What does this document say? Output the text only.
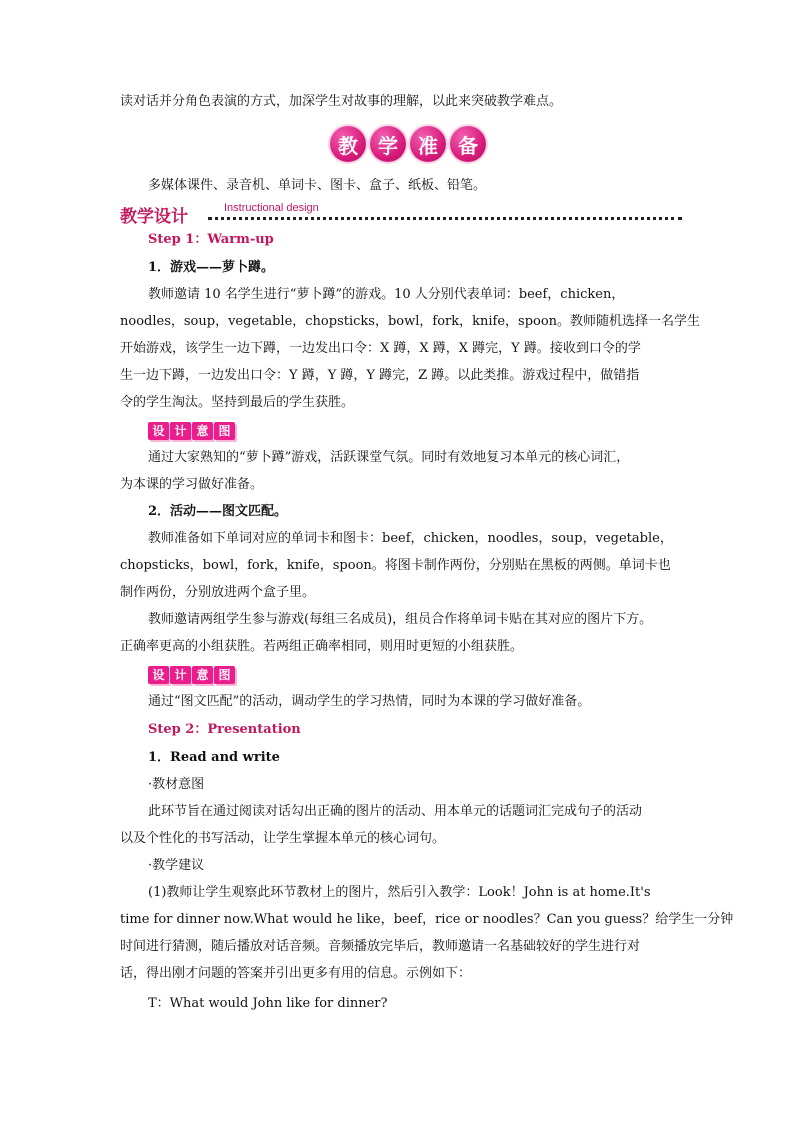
读对话并分角色表演的方式，加深学生对故事的理解，以此来突破教学难点。
教	学	准	备
多媒体课件、录音机、单词卡、图卡、盒子、纸板、铅笔。
教学设计	Instructional design
Step 1：Warm-up
1．游戏——萝卜蹲。
教师邀请 10 名学生进行“萝卜蹲”的游戏。10 人分别代表单词：beef，chicken，
noodles，soup，vegetable，chopsticks，bowl，fork，knife，spoon。教师随机选择一名学生
开始游戏，该学生一边下蹲，一边发出口令：X 蹲，X 蹲，X 蹲完，Y 蹲。接收到口令的学
生一边下蹲，一边发出口令：Y 蹲，Y 蹲，Y 蹲完，Z 蹲。以此类推。游戏过程中，做错指
令的学生淘汰。坚持到最后的学生获胜。
设 计 意 图
通过大家熟知的“萝卜蹲”游戏，活跃课堂气氛。同时有效地复习本单元的核心词汇，
为本课的学习做好准备。
2．活动——图文匹配。
教师准备如下单词对应的单词卡和图卡：beef，chicken，noodles，soup，vegetable，
chopsticks，bowl，fork，knife，spoon。将图卡制作两份，分别贴在黑板的两侧。单词卡也
制作两份，分别放进两个盒子里。
教师邀请两组学生参与游戏(每组三名成员)，组员合作将单词卡贴在其对应的图片下方。
正确率更高的小组获胜。若两组正确率相同，则用时更短的小组获胜。
设 计 意 图
通过“图文匹配”的活动，调动学生的学习热情，同时为本课的学习做好准备。
Step 2：Presentation
1．Read and write
·教材意图
此环节旨在通过阅读对话勾出正确的图片的活动、用本单元的话题词汇完成句子的活动
以及个性化的书写活动，让学生掌握本单元的核心词句。
·教学建议
(1)教师让学生观察此环节教材上的图片，然后引入教学：Look！John is at home.It's
time for dinner now.What would he like，beef，rice or noodles？Can you guess？给学生一分钟
时间进行猜测，随后播放对话音频。音频播放完毕后，教师邀请一名基础较好的学生进行对
话，得出刚才问题的答案并引出更多有用的信息。示例如下：
T：What would John like for dinner?
